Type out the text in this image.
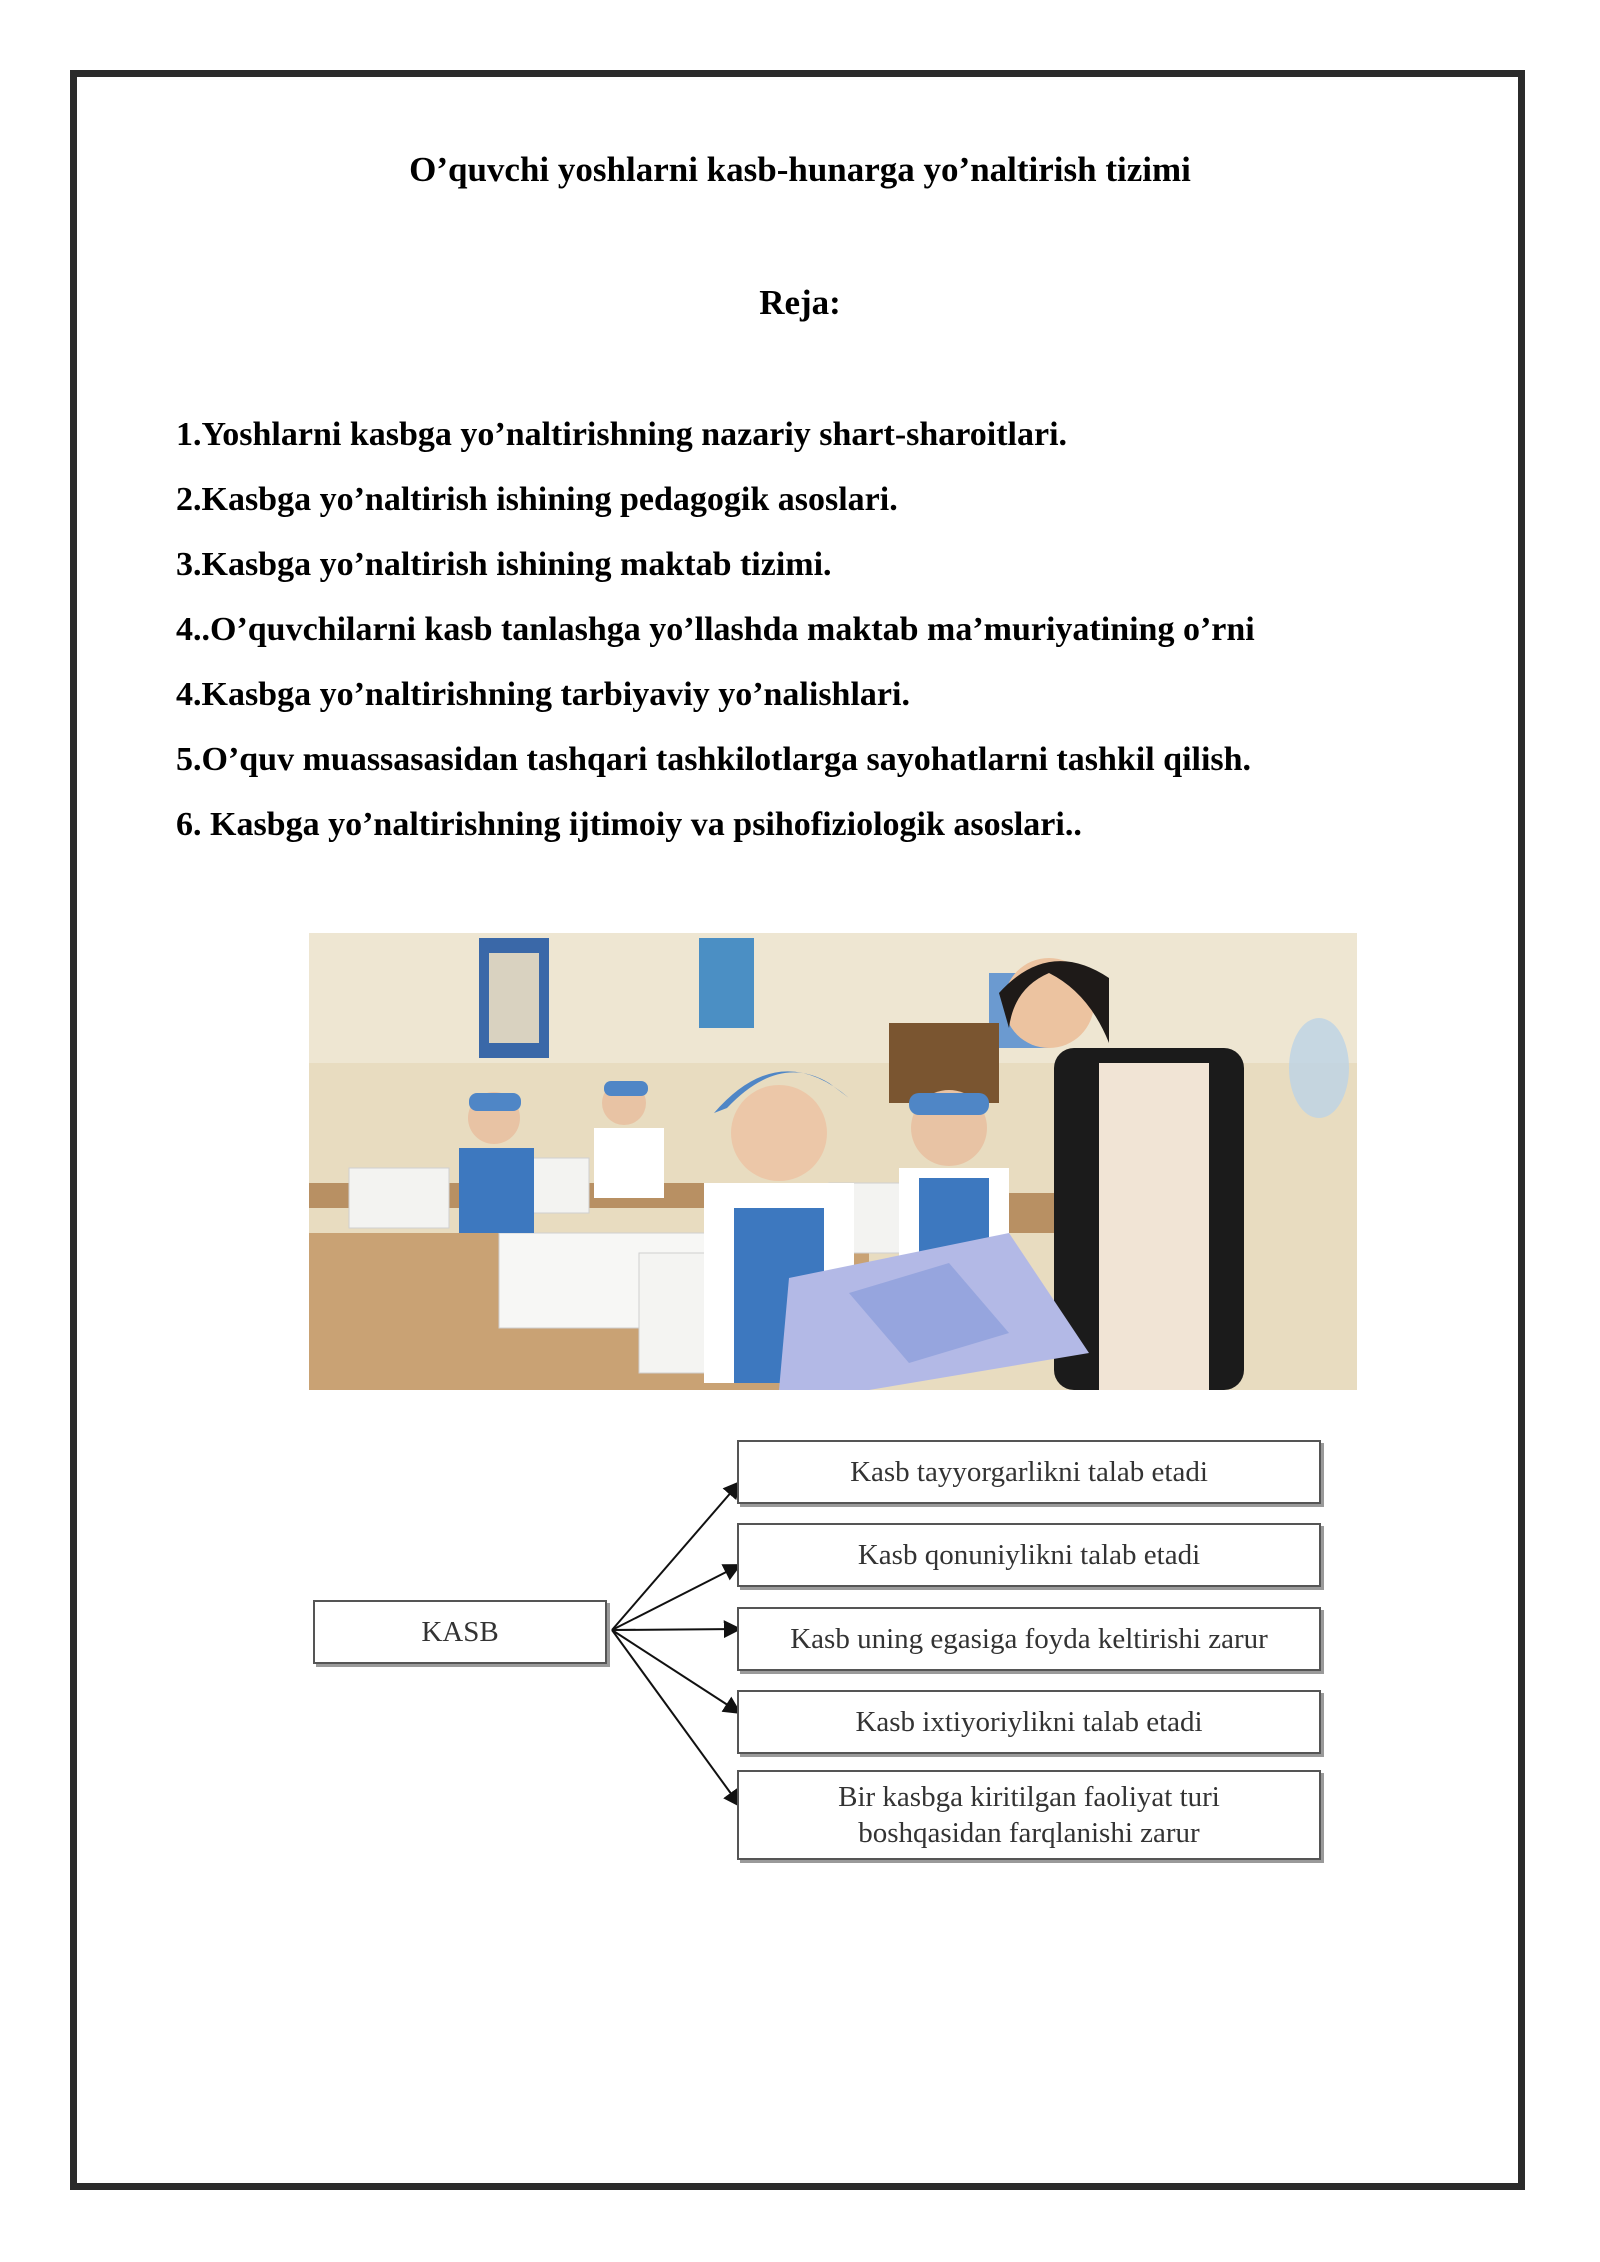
O’quvchi yoshlarni kasb-hunarga yo’naltirish tizimi
Reja:
1.Yoshlarni kasbga yo’naltirishning nazariy shart-sharoitlari.
2.Kasbga yo’naltirish ishining pedagogik asoslari.
3.Kasbga yo’naltirish ishining maktab tizimi.
4..O’quvchilarni kasb tanlashga yo’llashda maktab ma’muriyatining o’rni
4.Kasbga yo’naltirishning tarbiyaviy yo’nalishlari.
5.O’quv muassasasidan tashqari tashkilotlarga sayohatlarni tashkil qilish.
6. Kasbga yo’naltirishning ijtimoiy va psihofiziologik asoslari..
KASB
Kasb tayyorgarlikni talab etadi
Kasb qonuniylikni talab etadi
Kasb uning egasiga foyda keltirishi zarur
Kasb ixtiyoriylikni talab etadi
Bir kasbga kiritilgan faoliyat turi boshqasidan farqlanishi zarur
